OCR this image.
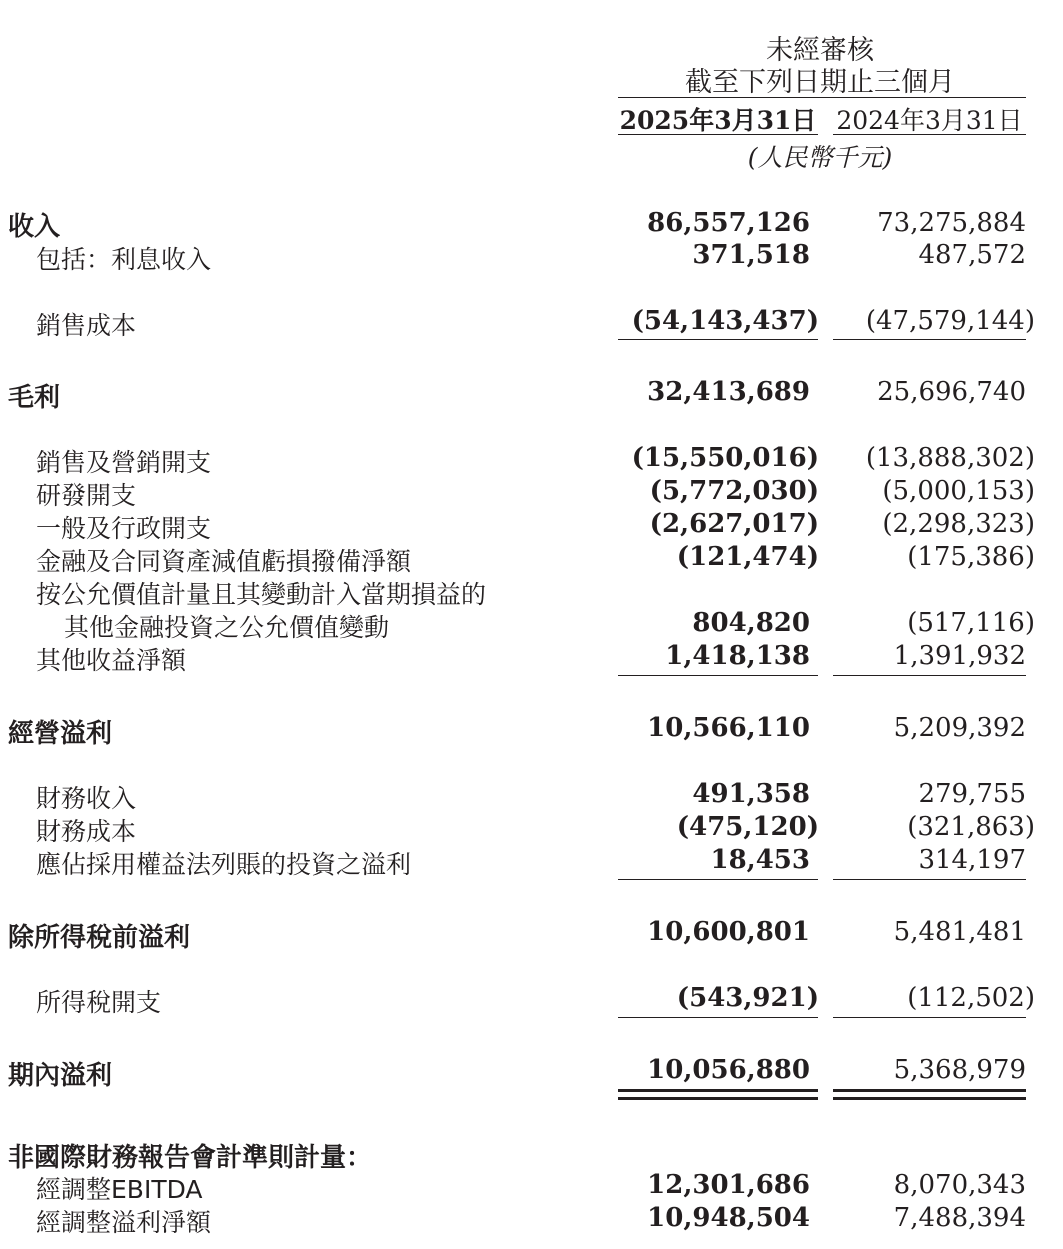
未經審核
截至下列日期止三個月
2025年3月31日 2024年3月31日
(人民幣千元)
收入	86,557,126	73,275,884
包括：利息收入	371,518	487,572
銷售成本	(54,143,437) (47,579,144)
毛利	32,413,689	25,696,740
銷售及營銷開支	(15,550,016) (13,888,302)
研發開支	(5,772,030) (5,000,153)
一般及行政開支	(2,627,017) (2,298,323)
金融及合同資產減值虧損撥備淨額	(121,474)	(175,386)
按公允價值計量且其變動計入當期損益的
其他金融投資之公允價值變動	804,820	(517,116)
其他收益淨額	1,418,138	1,391,932
經營溢利	10,566,110	5,209,392
財務收入	491,358	279,755
財務成本	(475,120)	(321,863)
應佔採用權益法列賬的投資之溢利	18,453	314,197
除所得稅前溢利	10,600,801	5,481,481
所得稅開支	(543,921)	(112,502)
期內溢利	10,056,880	5,368,979
非國際財務報告會計準則計量：
經調整EBITDA	12,301,686	8,070,343
經調整溢利淨額	10,948,504	7,488,394
